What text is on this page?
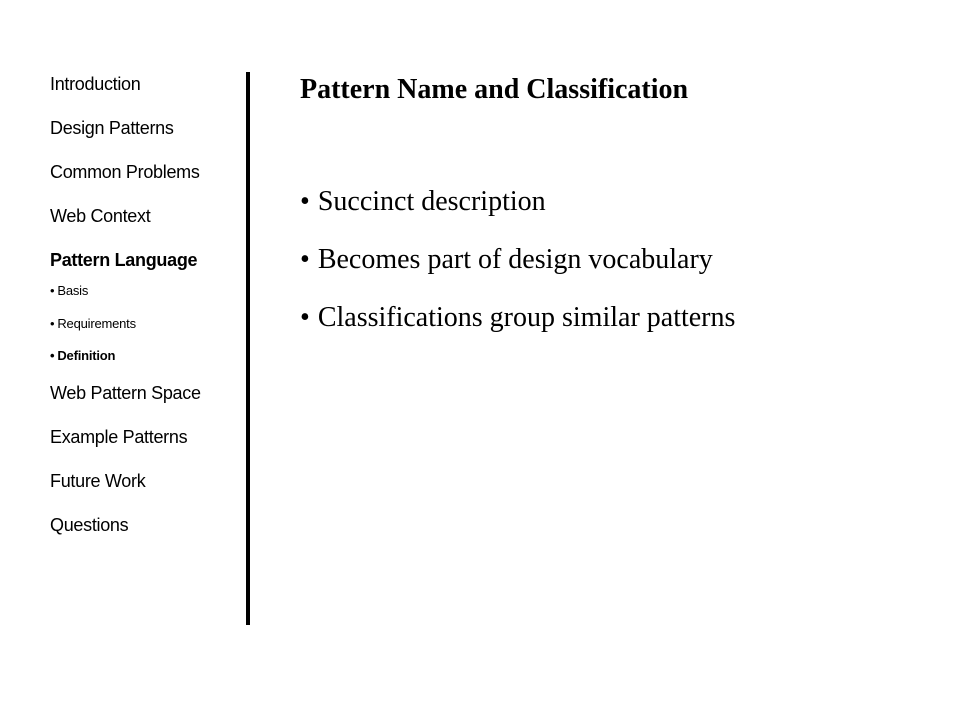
Introduction
Design Patterns
Common Problems
Web Context
Pattern Language
• Basis
• Requirements
• Definition
Web Pattern Space
Example Patterns
Future Work
Questions
Pattern Name and Classification
• Succinct description
• Becomes part of design vocabulary
• Classifications group similar patterns
